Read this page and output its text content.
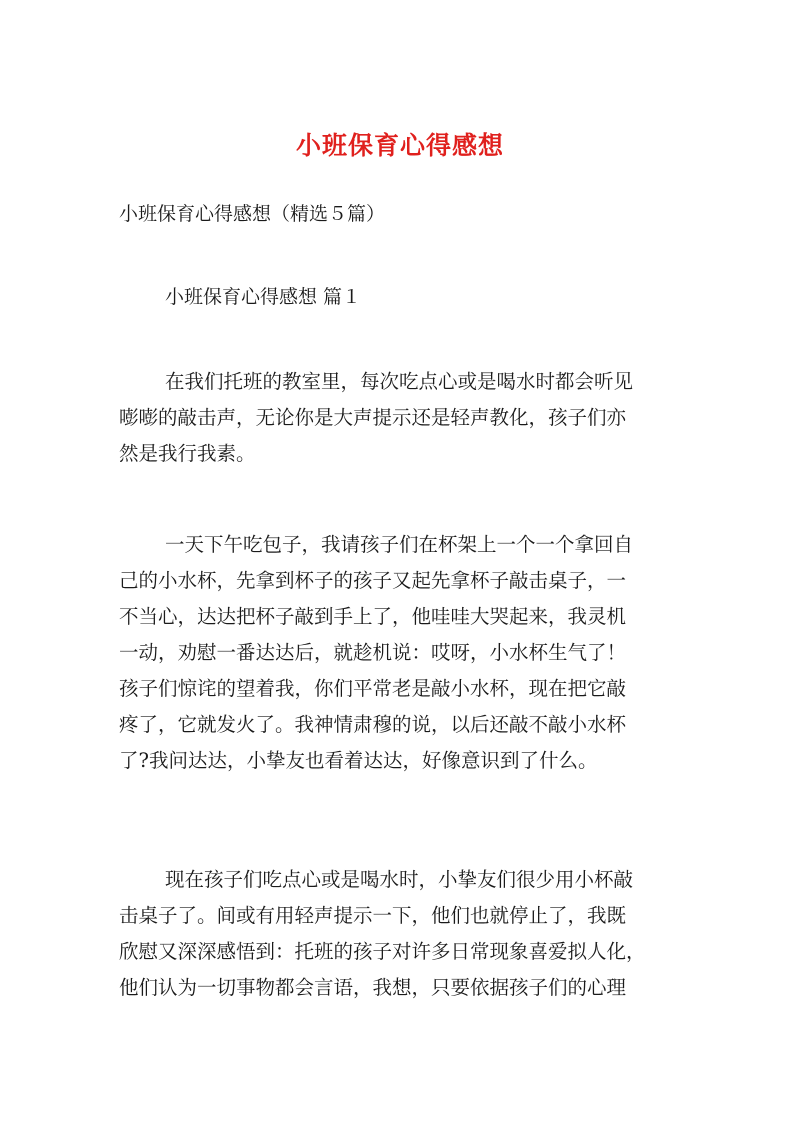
小班保育心得感想
小班保育心得感想（精选５篇）
小班保育心得感想 篇１
在我们托班的教室里，每次吃点心或是喝水时都会听见
嘭嘭的敲击声，无论你是大声提示还是轻声教化，孩子们亦
然是我行我素。
一天下午吃包子，我请孩子们在杯架上一个一个拿回自
己的小水杯，先拿到杯子的孩子又起先拿杯子敲击桌子，一
不当心，达达把杯子敲到手上了，他哇哇大哭起来，我灵机
一动，劝慰一番达达后，就趁机说：哎呀，小水杯生气了！
孩子们惊诧的望着我，你们平常老是敲小水杯，现在把它敲
疼了，它就发火了。我神情肃穆的说，以后还敲不敲小水杯
了?我问达达，小挚友也看着达达，好像意识到了什么。
现在孩子们吃点心或是喝水时，小挚友们很少用小杯敲
击桌子了。间或有用轻声提示一下，他们也就停止了，我既
欣慰又深深感悟到：托班的孩子对许多日常现象喜爱拟人化，
他们认为一切事物都会言语，我想，只要依据孩子们的心理
